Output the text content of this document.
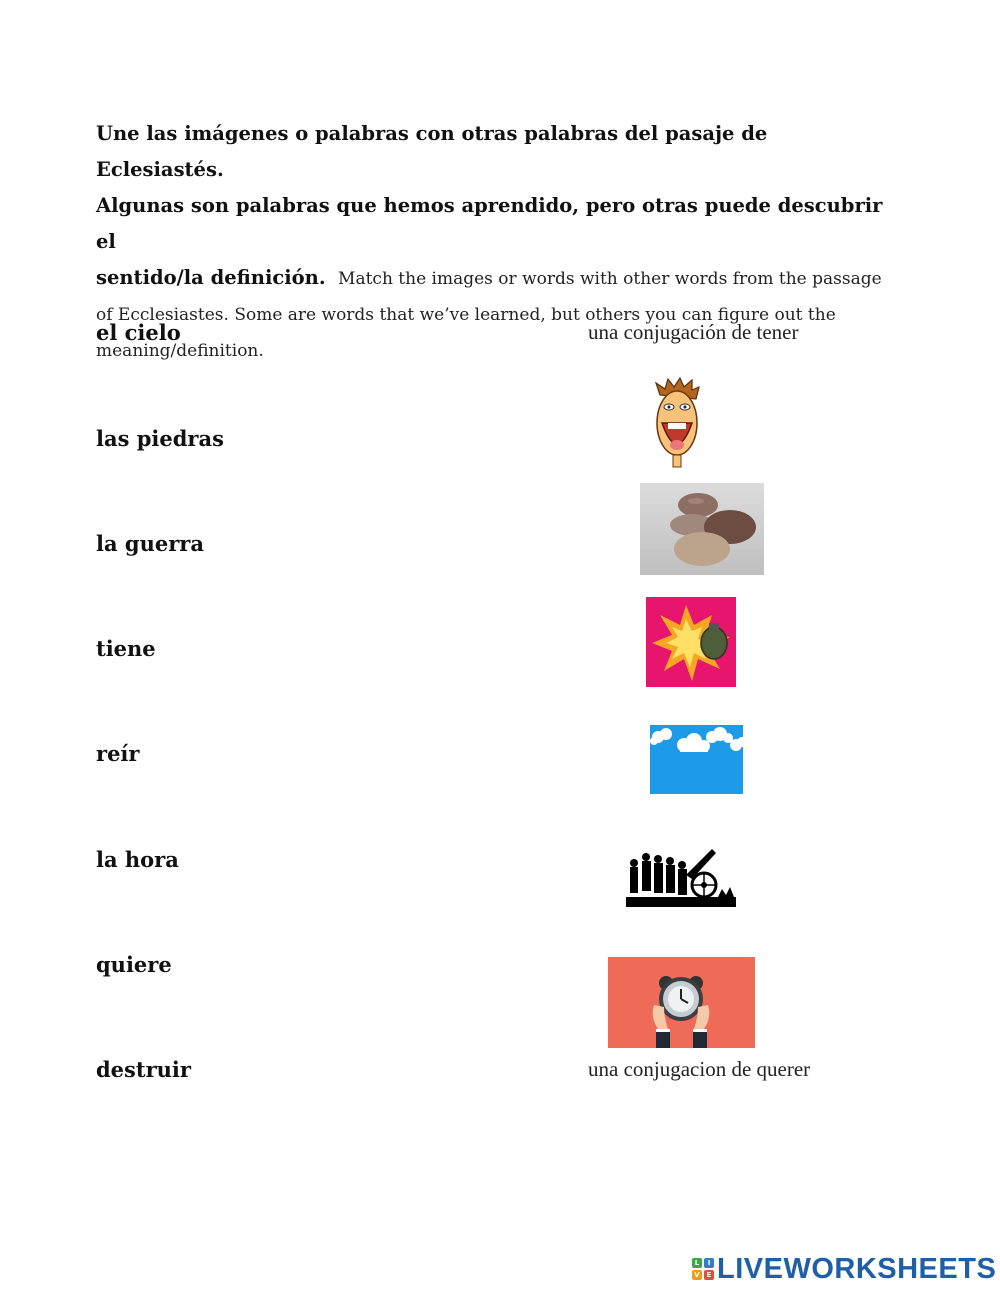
Une las imágenes o palabras con otras palabras del pasaje de Eclesiastés.
Algunas son palabras que hemos aprendido, pero otras puede descubrir el
sentido/la definición. Match the images or words with other words from the passage of Ecclesiastes. Some are words that we’ve learned, but others you can figure out the meaning/definition.
el cielo
las piedras
la guerra
tiene
reír
la hora
quiere
destruir
una conjugación de tener
una conjugacion de querer
L	I
V E LIVEWORKSHEETS
